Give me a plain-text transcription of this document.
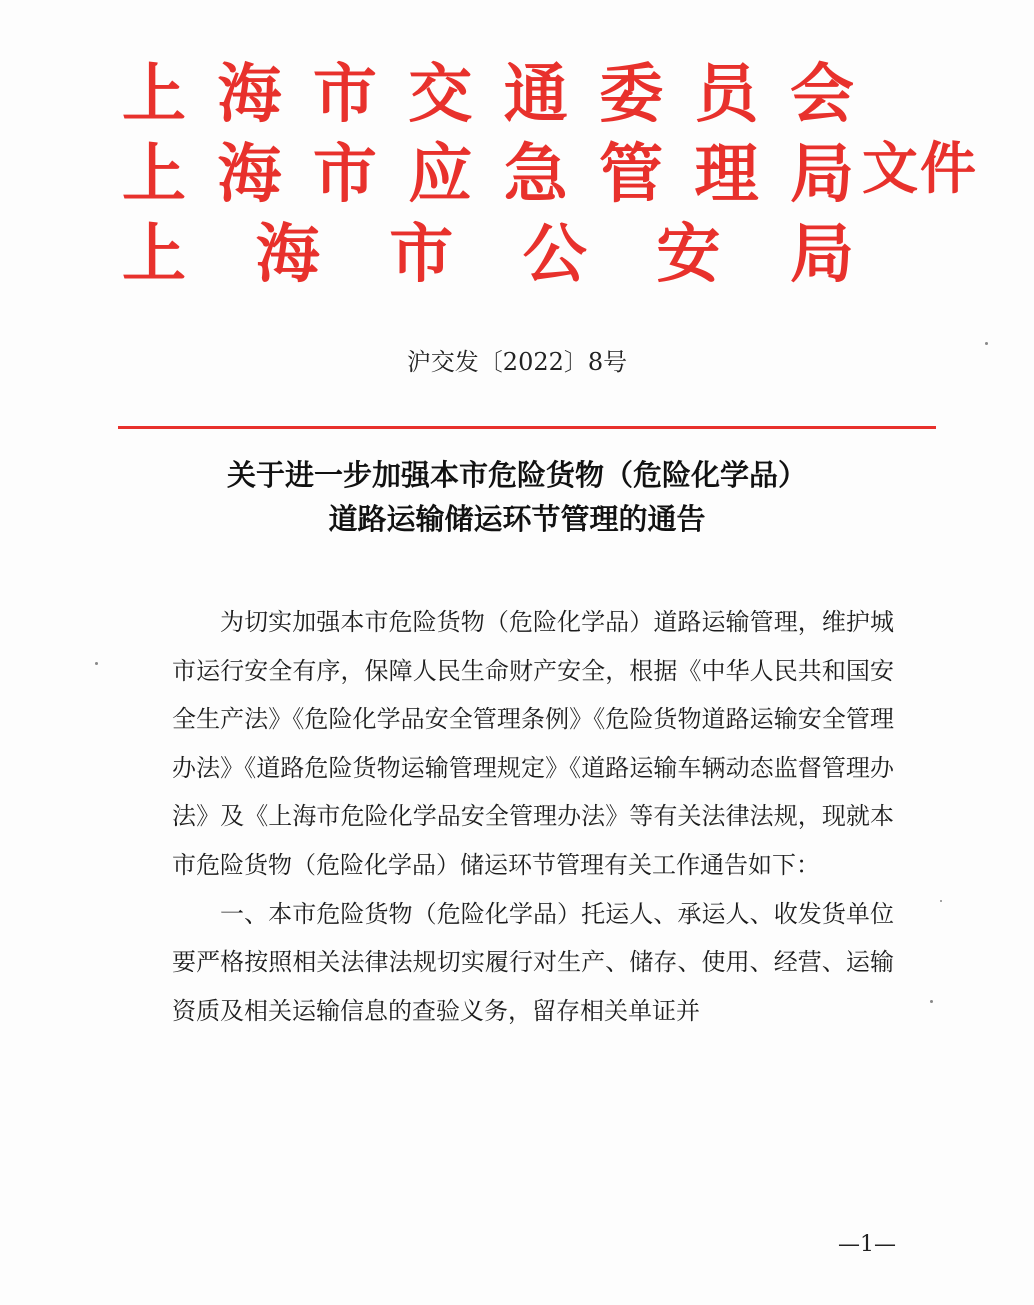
上 海 市 交 通 委 员 会
上 海 市 应 急 管 理 局
上 海 市 公 安 局
文件
沪交发〔2022〕8号
关于进一步加强本市危险货物（危险化学品）
道路运输储运环节管理的通告

为切实加强本市危险货物（危险化学品）道路运输管理，维护城市运行安全有序，保障人民生命财产安全，根据《中华人民共和国安全生产法》《危险化学品安全管理条例》《危险货物道路运输安全管理办法》《道路危险货物运输管理规定》《道路运输车辆动态监督管理办法》及《上海市危险化学品安全管理办法》等有关法律法规，现就本市危险货物（危险化学品）储运环节管理有关工作通告如下：

一、本市危险货物（危险化学品）托运人、承运人、收发货单位要严格按照相关法律法规切实履行对生产、储存、使用、经营、运输资质及相关运输信息的查验义务，留存相关单证并

—1—
